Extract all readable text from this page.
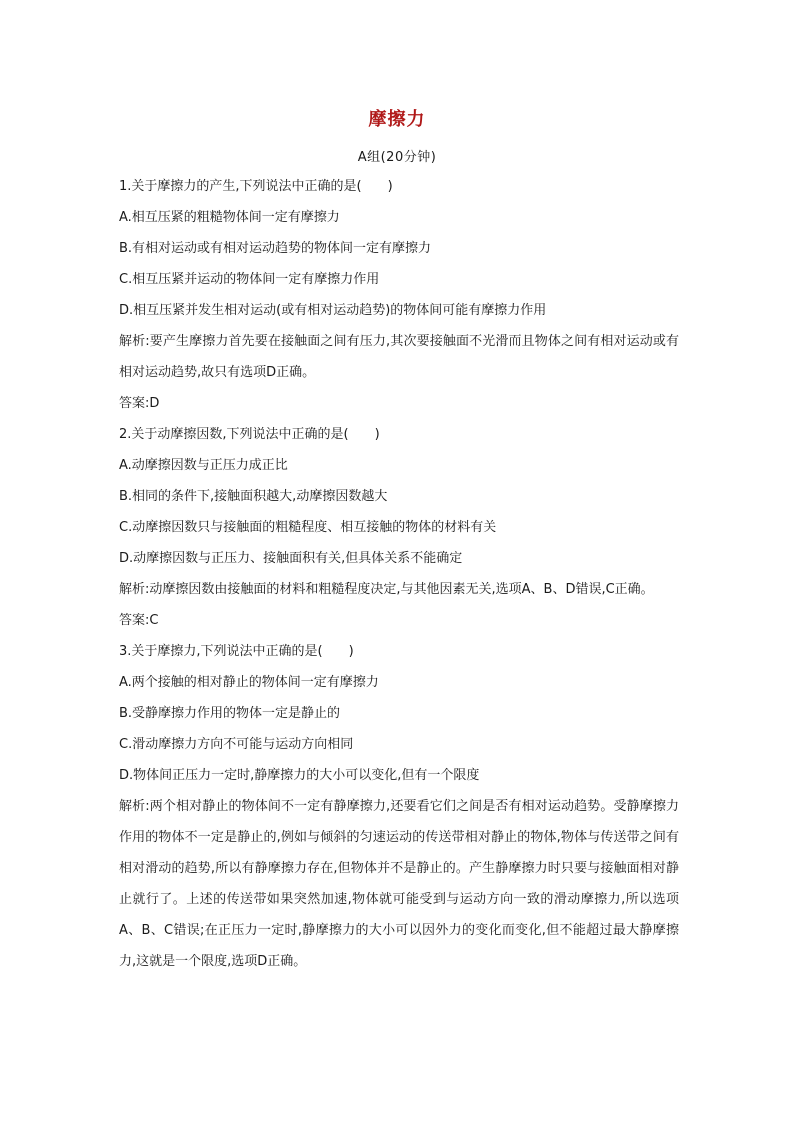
摩擦力
A组(20分钟)

1.关于摩擦力的产生,下列说法中正确的是(　　)

A.相互压紧的粗糙物体间一定有摩擦力

B.有相对运动或有相对运动趋势的物体间一定有摩擦力

C.相互压紧并运动的物体间一定有摩擦力作用

D.相互压紧并发生相对运动(或有相对运动趋势)的物体间可能有摩擦力作用

解析:要产生摩擦力首先要在接触面之间有压力,其次要接触面不光滑而且物体之间有相对运动或有相对运动趋势,故只有选项D正确。

答案:D

2.关于动摩擦因数,下列说法中正确的是(　　)

A.动摩擦因数与正压力成正比

B.相同的条件下,接触面积越大,动摩擦因数越大

C.动摩擦因数只与接触面的粗糙程度、相互接触的物体的材料有关

D.动摩擦因数与正压力、接触面积有关,但具体关系不能确定

解析:动摩擦因数由接触面的材料和粗糙程度决定,与其他因素无关,选项A、B、D错误,C正确。

答案:C

3.关于摩擦力,下列说法中正确的是(　　)

A.两个接触的相对静止的物体间一定有摩擦力

B.受静摩擦力作用的物体一定是静止的

C.滑动摩擦力方向不可能与运动方向相同

D.物体间正压力一定时,静摩擦力的大小可以变化,但有一个限度

解析:两个相对静止的物体间不一定有静摩擦力,还要看它们之间是否有相对运动趋势。受静摩擦力作用的物体不一定是静止的,例如与倾斜的匀速运动的传送带相对静止的物体,物体与传送带之间有相对滑动的趋势,所以有静摩擦力存在,但物体并不是静止的。产生静摩擦力时只要与接触面相对静止就行了。上述的传送带如果突然加速,物体就可能受到与运动方向一致的滑动摩擦力,所以选项A、B、C错误;在正压力一定时,静摩擦力的大小可以因外力的变化而变化,但不能超过最大静摩擦力,这就是一个限度,选项D正确。
